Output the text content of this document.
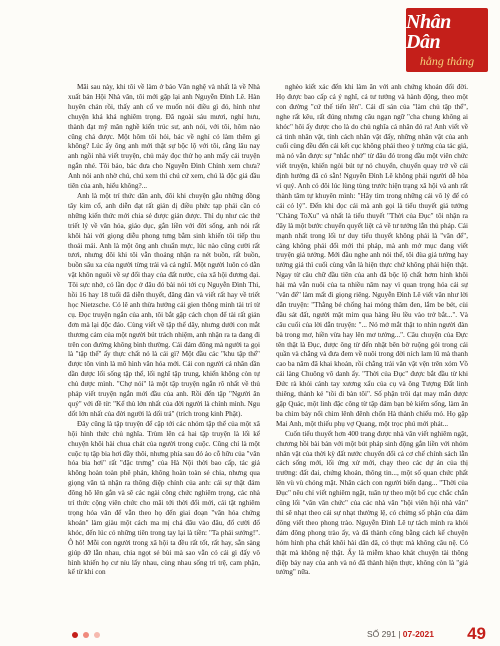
Nhân Dân
hằng tháng

Mãi sau này, khi tôi về làm ở báo Văn nghệ và nhất là về Nhà xuất bản Hội Nhà văn, tôi mới gặp lại anh Nguyễn Đình Lê. Hàn huyên chán rồi, thấy anh cố ve muốn nói điều gì đó, hình như chuyện khá khá nghiêm trọng. Đã ngoài sáu mươi, nghỉ hưu, thành đạt mỹ mãn nghề kiến trúc sư, anh nói, với tôi, hôm nào cũng chả được. Một hôm tôi hỏi, bác về nghỉ có làm thêm gì không? Lúc ấy ông anh mới thật sự bộc lộ với tôi, rằng lâu nay anh ngồi nhà viết truyện, chủ máy đọc thử họ anh mấy cái truyện ngắn nhé. Tôi bảo, bác đưa cho Nguyễn Đình Chính xem chưa? Anh nói anh nhờ chú, chú xem thì chú cứ xem, chú là độc giả đầu tiên của anh, hiểu không?...

Anh là một trí thức dân anh, đôi khi chuyện gẫu những đồng tây kim cổ, anh diễn đạt rất giản dị điều phức tạp phải cần có những kiến thức mới chia sẻ được giản được. Thì dụ như các thứ triết lý về văn hóa, giáo dục, gắn liền với đời sống, anh nói rất khôi hài với giọng diễu phong tưng bằm sinh khiến tôi tiếp thu thoải mái. Anh là một ông anh chuẩn mực, lúc nào cũng cười rất tươi, nhưng đôi khi tôi vẫn thoáng nhận ra nét buồn, rất buồn, buồn sâu xa của người từng trải và cả nghĩ. Một người luôn có dằn vặt khôn nguôi về sự đổi thay của đất nước, của xã hội đương đại. Tôi sực nhớ, có lần đọc ở đâu đó bài nói tới cụ Nguyễn Đình Thi, hồi 16 hay 18 tuổi đã diễn thuyết, đăng đàn và viết rất hay về triết học Nietzsche. Có lẽ anh thừa hưởng cái gien thông minh tài trí từ cụ. Đọc truyện ngắn của anh, tôi bắt gặp cách chọn để tài rất giản đơn mà lại độc đáo. Cùng viết về tập thể dây, nhưng dưới con mắt thương cảm của một người bút trách nhiệm, anh nhận ra ta đang đi trên con đường không bình thường. Cái đám đông mà người ta gọi là "tập thể" ấy thực chất nó là cái gì? Một đầu các "khu tập thể" được tôn vinh là mô hình văn hóa mới. Cái con người cá nhân dần dần được lối sống tập thể, lối nghĩ tập trung, khiến không còn tự chủ được mình. "Chợ nói" là một tập truyện ngắn rõ nhất về thủ pháp viết truyện ngắn mới đầu của anh. Rồi đến tập "Người ăn quý" với đề từ: "Kể thù lớn nhất của đời người là chính mình. Ngu dốt lớn nhất của đời người là dối trá" (trích trong kinh Phật).

Đây cũng là tập truyện để cập tới các nhóm tập thể của một xã hội hình thức chủ nghĩa. Trùm lên cả hai tập truyện là lối kể chuyện khôi hài chua chát của người trong cuộc. Cũng chỉ là một cuộc tụ tập bia hơi đầy thôi, nhưng phía sau đó ảo cỗ hữu của "văn hóa bia hơi" rất "đặc trưng" của Hà Nội thời bao cấp, tác giả không hoàn toàn phê phán, không hoàn toàn sẻ chia, nhưng qua giọng văn tà nhận ra thông điệp chính của anh: cái sự thật đám đông hô lên gắn và sẽ các ngài công chức nghiêm trọng, các nhà trí thức cộng viên chức cho mãi tới thời đổi mới, cái tật nghiêm trọng hóa văn để vẫn theo họ đến giai đoạn "văn hóa chứng khoán" làm giàu một cách ma mị chả đâu vào đâu, đổ cười đổ khóc, đến lúc có những tiên trong tay lại là tiền: "Ta phải sướng!". Ô hô! Mỗi con người trong xã hội ta đều rất tốt, rất hay, sẵn sàng giúp đỡ lẫn nhau, chia ngọt sẻ bùi mà sao vẫn có cái gì đấy vô hình khiến họ cư nỉu lấy nhau, cùng nhau sống trì trệ, cam phận, kể từ khi con

nghèo kiết xác đến khi làm ăn với anh chứng khoán đổi đời. Họ được bao cấp cả ý nghĩ, cả tư tưởng và hành động, theo một con đường "cứ thế tiến lên". Cái dĩ sán của "làm chủ tập thể", nghe rất kêu, rất đúng nhưng câu ngạn ngữ "cha chung không ai khóc" hôi ấy được cho là do chủ nghĩa cá nhân đó ra! Anh viết về cả tinh nhân vật, tính cách nhân vật đấy, những nhân vật của anh cuối cùng đều đến cái kết cục không phải theo ý tưởng của tác giả, mà nó vẫn được sự "nhắc nhở" từ đâu đó trong đầu một viên chức viết truyện, khiến ngòi bút tự nó chuyển, chuyển quay trở về cái định hướng đã có sẵn! Nguyễn Đình Lê không phải người dễ hòa vì quý. Anh có đôi lúc lùng tùng trước hiện trạng xã hội và anh rất thành tâm tự khuyên mình: "Hãy tìm trong những cái vô lý để có cái có lý". Đến khi đọc cái mà anh gọi là tiểu thuyết giả tưởng "Chàng ToXu" và nhất là tiểu thuyết "Thời của Đục" tôi nhận ra đây là một bước chuyển quyết liệt cả về tư tưởng lẫn thủ pháp. Cái mạnh nhất trong lối tư duy tiểu thuyết không phải là "văn để", càng không phải đổi mới thi pháp, mà anh mở mục đang viết truyện giả tưởng. Mới đầu nghe anh nói thế, tôi đùa giả tưởng hay tưởng giả thì cuối cùng vẫn là hiện thực chứ không phải hiện thật. Ngay từ câu chữ đầu tiên của anh đã bộc lộ chất hơm hỉnh khôi hài mà vẫn nuôi của ta nhiều năm nay vì quan trọng hóa cái sự "văn để" làm mất đi giọng riêng. Nguyễn Đình Lê viết văn như lời dẫn truyện: "Thằng bé chống hai móng thăm đen, lắm be bét, cùi đầu sát đất, người mặt mỉm qua hàng lều lều vào trở bắt...". Và câu cuối của lời dẫn truyện: "... Nó mở mắt thật to nhìn người đàn bà trong mơ, hiền vừa hay lên mơ tưởng...". Câu chuyện của Đực tên thật là Đục, được ông từ đến nhặt bên bờ ruộng gói trong cái quần và chẳng và đưa đem về nuôi trong đời ních lam lũ mà thanh cao ba năm đã khai khoản, rồi chẳng trải văn vật vện trên xóm Vồ cái làng Chuông vô danh ấy. "Thời của Đục" được bắt đầu từ khi Đức rà khỏi cánh tay xương xẩu của cụ và ông Tượng Đất linh thiêng, thành kẻ "tồi đi bàn tôi". Số phận trôi dạt may mắn được gặp Quác, một linh đặc công từ tập đám bạn bè kiếm sống, làm ăn ba chìm bảy nổi chìm lênh đênh chốn Hà thành chiếu mó. Họ gặp Mai Anh, một thiếu phụ vợ Quang, một trọc phú mới phát...

Cuốn tiểu thuyết hơn 400 trang được nhà văn viết nghiêm ngặt, chương hồi bài bản với một bút pháp sinh động gắn liền với nhóm nhân vật của thời kỳ đất nước chuyển đổi cả cơ chế chính sách lẫn cách sống mới, lối ứng xử mới, chạy theo các dự án của thị trường: đất đai, chứng khoán, thông tin..., một số quan chức phất lên vù vù chóng mặt. Nhân cách con người biến dạng... "Thời của Đục" nêu chỉ viết nghiêm ngặt, tuân tự theo một bố cục chắc chắn cũng lối "văn văn chức" của các nhà văn "hội viên hội nhà văn" thì sẽ nhạt theo cái sự nhạt thường lệ, có chừng số phận của đám đông viết theo phong trào. Nguyễn Đình Lê tự tách mình ra khỏi đám đông phong trào ấy, và đã thành công bằng cách kể chuyện hóm hỉnh pha chất khôi hài dân dã, có thực mà không câu nệ. Có thật mà không nệ thật. Ấy là miễm khao khát chuyện tài thông điệp bảy nay của anh và nó đã thành hiện thực, không còn là "giả tưởng" nữa.

SỐ 291 | 07-2021 49
